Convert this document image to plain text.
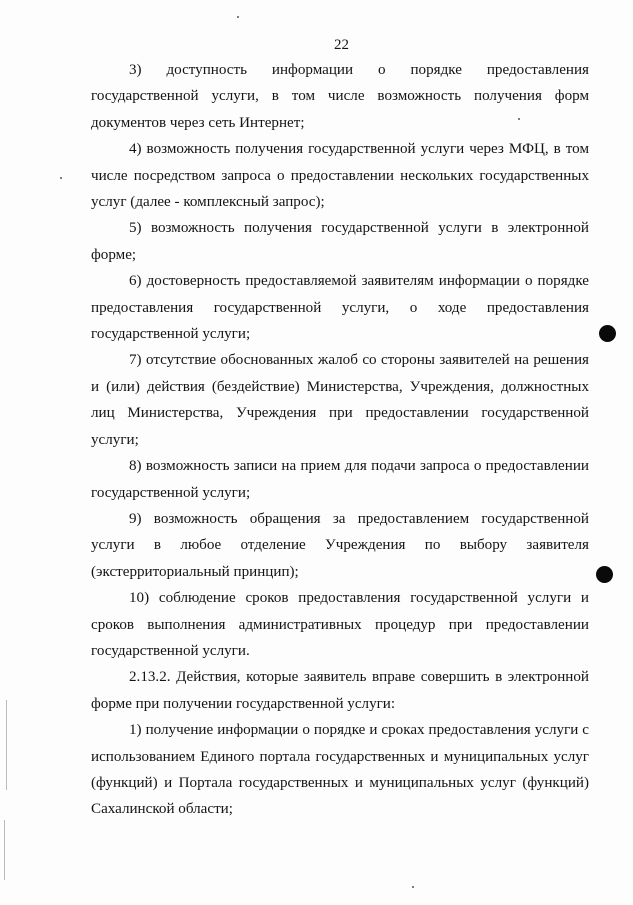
22

3) доступность информации о порядке предоставления государственной услуги, в том числе возможность получения форм документов через сеть Интернет;

4) возможность получения государственной услуги через МФЦ, в том числе посредством запроса о предоставлении нескольких государственных услуг (далее - комплексный запрос);

5) возможность получения государственной услуги в электронной форме;

6) достоверность предоставляемой заявителям информации о порядке предоставления государственной услуги, о ходе предоставления государственной услуги;

7) отсутствие обоснованных жалоб со стороны заявителей на решения и (или) действия (бездействие) Министерства, Учреждения, должностных лиц Министерства, Учреждения при предоставлении государственной услуги;

8) возможность записи на прием для подачи запроса о предоставлении государственной услуги;

9) возможность обращения за предоставлением государственной услуги в любое отделение Учреждения по выбору заявителя (экстерриториальный принцип);

10) соблюдение сроков предоставления государственной услуги и сроков выполнения административных процедур при предоставлении государственной услуги.

2.13.2. Действия, которые заявитель вправе совершить в электронной форме при получении государственной услуги:

1) получение информации о порядке и сроках предоставления услуги с использованием Единого портала государственных и муниципальных услуг (функций) и Портала государственных и муниципальных услуг (функций) Сахалинской области;
